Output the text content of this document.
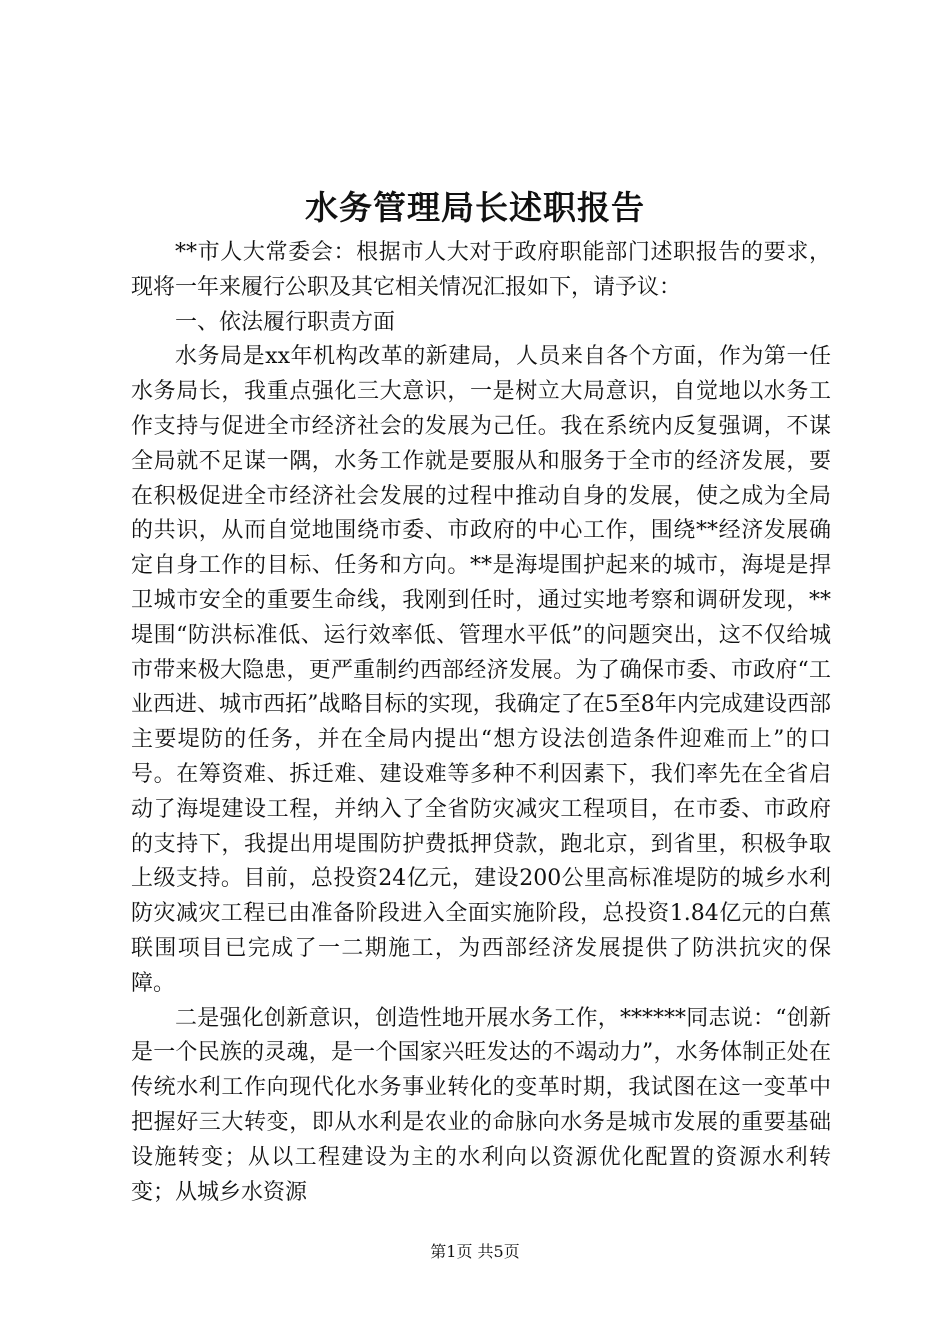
水务管理局长述职报告

**市人大常委会：根据市人大对于政府职能部门述职报告的要求，现将一年来履行公职及其它相关情况汇报如下，请予议：

一、依法履行职责方面

水务局是xx年机构改革的新建局，人员来自各个方面，作为第一任水务局长，我重点强化三大意识，一是树立大局意识，自觉地以水务工作支持与促进全市经济社会的发展为己任。我在系统内反复强调，不谋全局就不足谋一隅，水务工作就是要服从和服务于全市的经济发展，要在积极促进全市经济社会发展的过程中推动自身的发展，使之成为全局的共识，从而自觉地围绕市委、市政府的中心工作，围绕**经济发展确定自身工作的目标、任务和方向。**是海堤围护起来的城市，海堤是捍卫城市安全的重要生命线，我刚到任时，通过实地考察和调研发现，**堤围“防洪标准低、运行效率低、管理水平低”的问题突出，这不仅给城市带来极大隐患，更严重制约西部经济发展。为了确保市委、市政府“工业西进、城市西拓”战略目标的实现，我确定了在5至8年内完成建设西部主要堤防的任务，并在全局内提出“想方设法创造条件迎难而上”的口号。在筹资难、拆迁难、建设难等多种不利因素下，我们率先在全省启动了海堤建设工程，并纳入了全省防灾减灾工程项目，在市委、市政府的支持下，我提出用堤围防护费抵押贷款，跑北京，到省里，积极争取上级支持。目前，总投资24亿元，建设200公里高标准堤防的城乡水利防灾减灾工程已由准备阶段进入全面实施阶段，总投资1.84亿元的白蕉联围项目已完成了一二期施工，为西部经济发展提供了防洪抗灾的保障。

二是强化创新意识，创造性地开展水务工作，******同志说：“创新是一个民族的灵魂，是一个国家兴旺发达的不竭动力”，水务体制正处在传统水利工作向现代化水务事业转化的变革时期，我试图在这一变革中把握好三大转变，即从水利是农业的命脉向水务是城市发展的重要基础设施转变；从以工程建设为主的水利向以资源优化配置的资源水利转变；从城乡水资源

第1页 共5页
